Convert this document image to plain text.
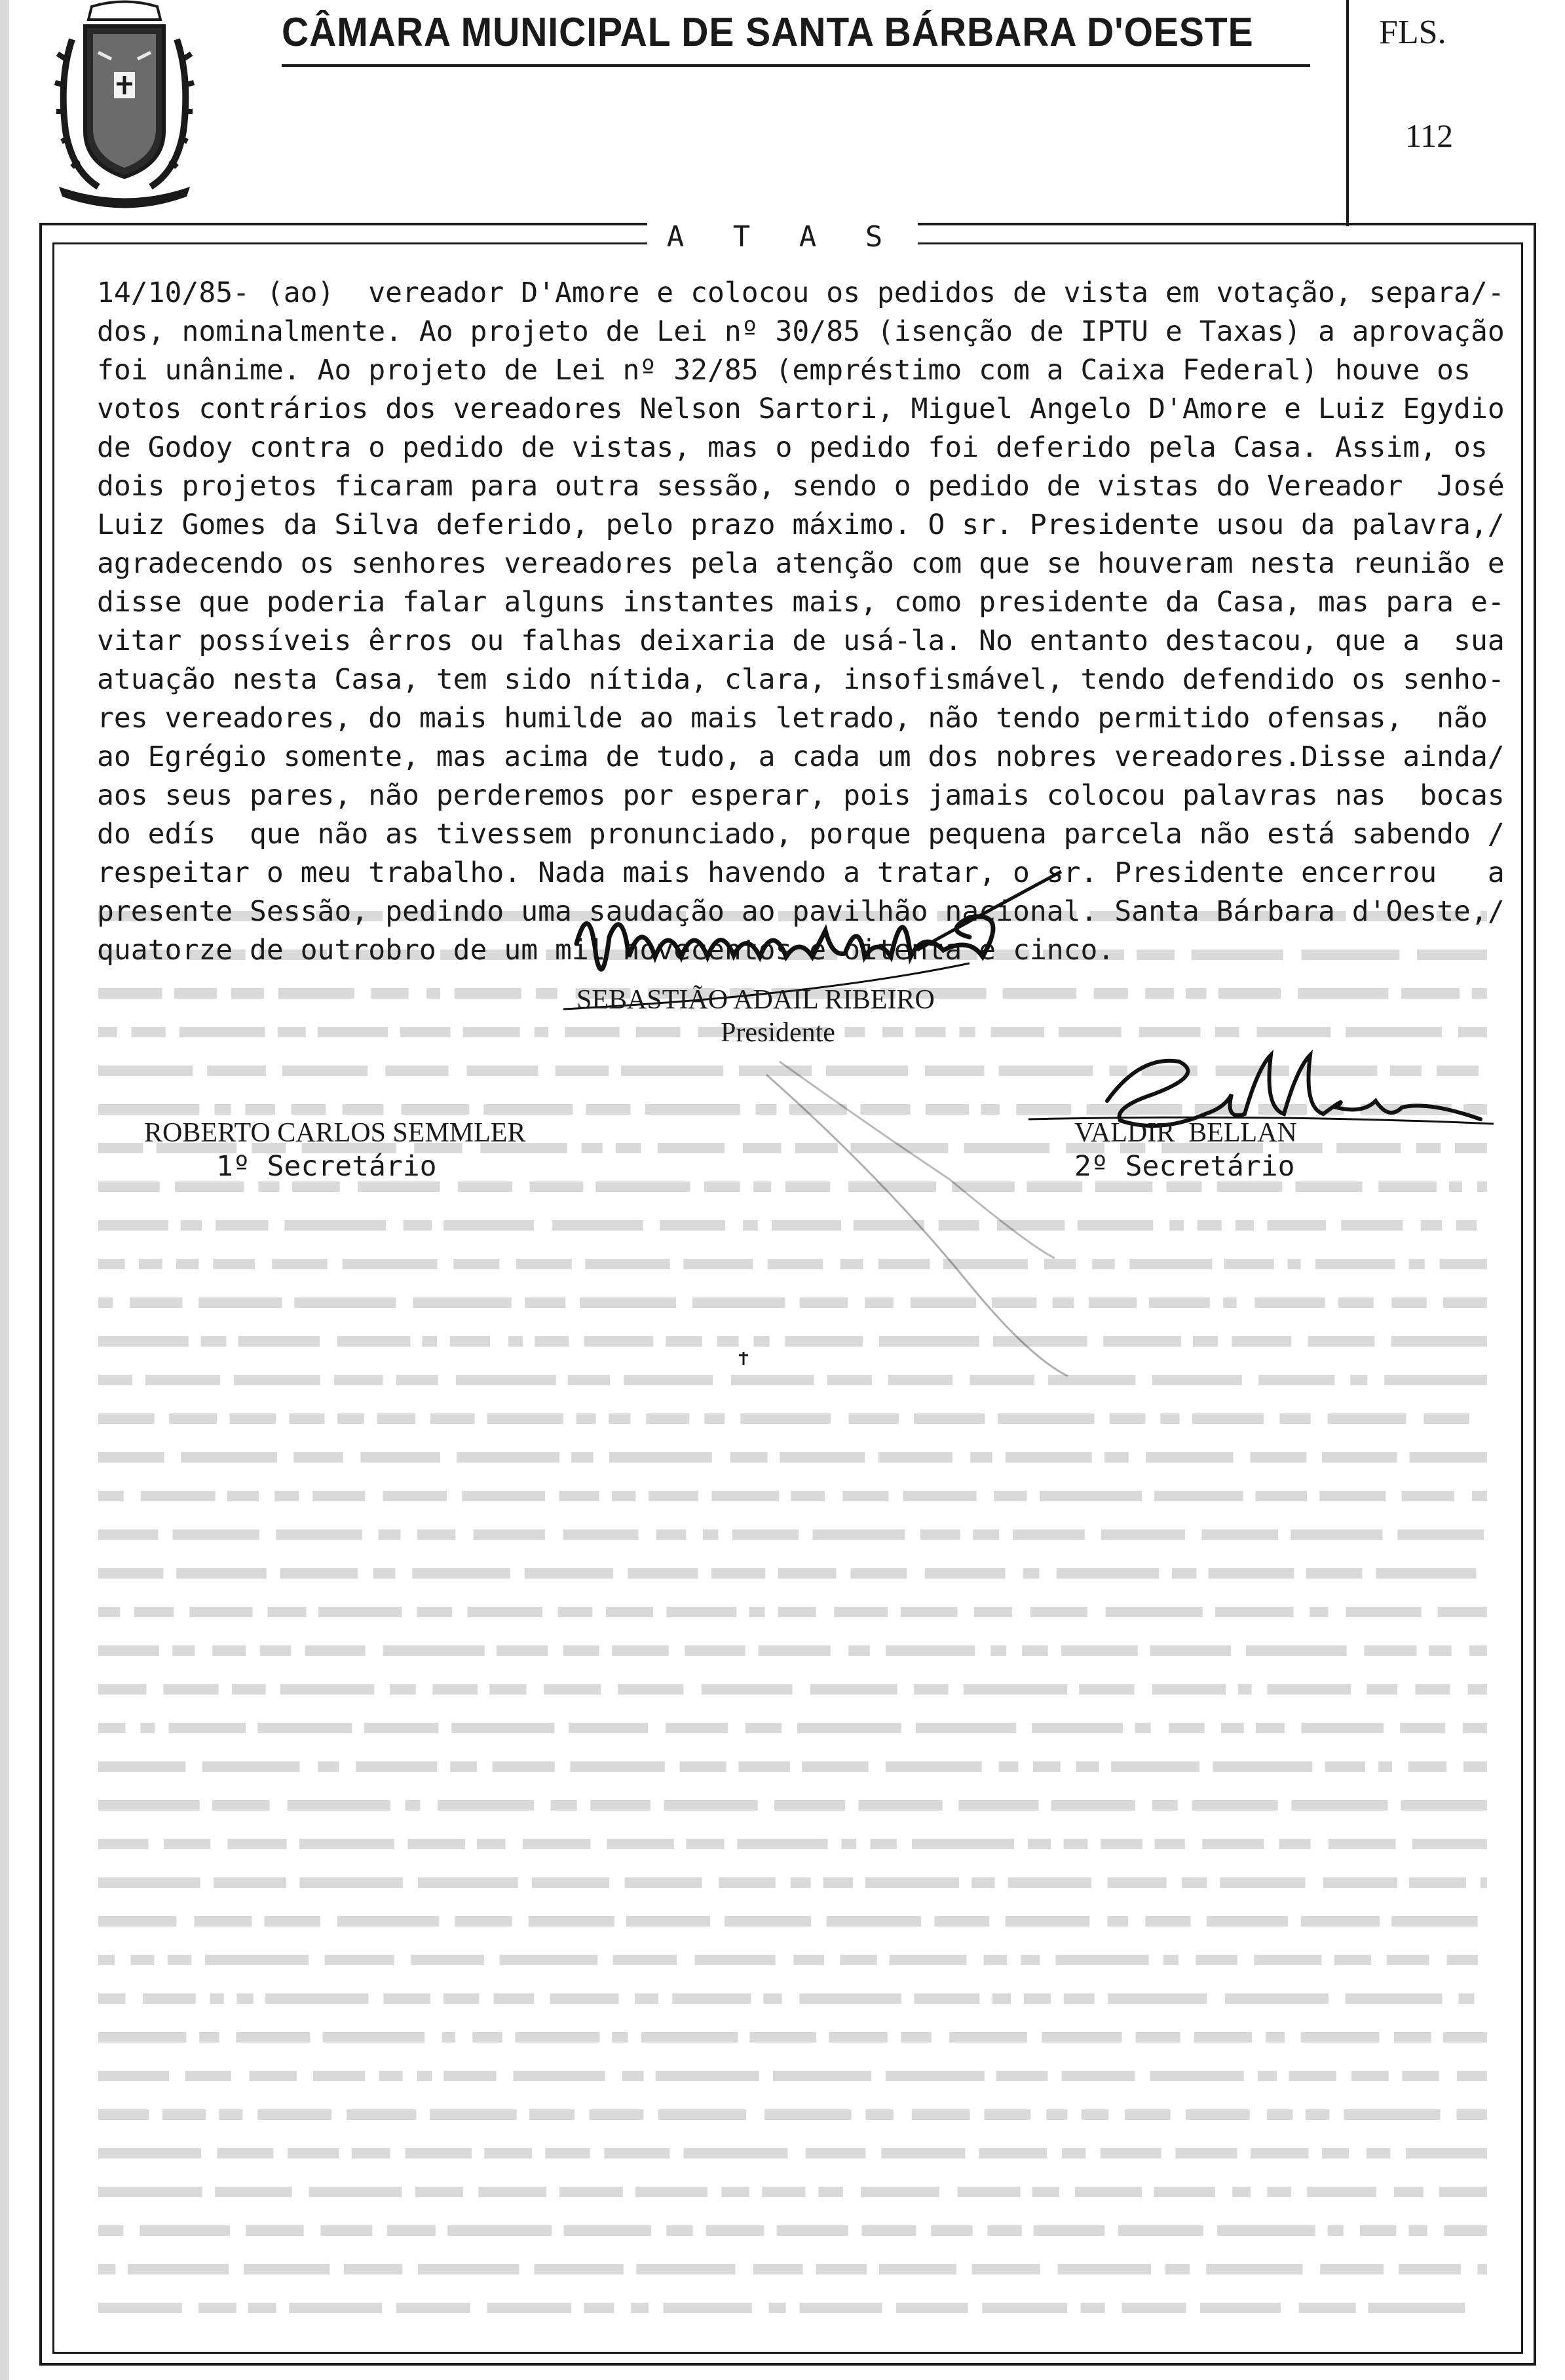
CÂMARA MUNICIPAL DE SANTA BÁRBARA D'OESTE	FLS.
112
A T A S
14/10/85- (ao)  vereador D'Amore e colocou os pedidos de vista em votação, separa/-
dos, nominalmente. Ao projeto de Lei nº 30/85 (isenção de IPTU e Taxas) a aprovação
foi unânime. Ao projeto de Lei nº 32/85 (empréstimo com a Caixa Federal) houve os
votos contrários dos vereadores Nelson Sartori, Miguel Angelo D'Amore e Luiz Egydio
de Godoy contra o pedido de vistas, mas o pedido foi deferido pela Casa. Assim, os
dois projetos ficaram para outra sessão, sendo o pedido de vistas do Vereador  José
Luiz Gomes da Silva deferido, pelo prazo máximo. O sr. Presidente usou da palavra,/
agradecendo os senhores vereadores pela atenção com que se houveram nesta reunião e
disse que poderia falar alguns instantes mais, como presidente da Casa, mas para e-
vitar possíveis êrros ou falhas deixaria de usá-la. No entanto destacou, que a  sua
atuação nesta Casa, tem sido nítida, clara, insofismável, tendo defendido os senho-
res vereadores, do mais humilde ao mais letrado, não tendo permitido ofensas,  não
ao Egrégio somente, mas acima de tudo, a cada um dos nobres vereadores.Disse ainda/
aos seus pares, não perderemos por esperar, pois jamais colocou palavras nas  bocas
do edís  que não as tivessem pronunciado, porque pequena parcela não está sabendo /
respeitar o meu trabalho. Nada mais havendo a tratar, o sr. Presidente encerrou   a
presente Sessão, pedindo uma saudação ao pavilhão nacional. Santa Bárbara d'Oeste,/
quatorze de outrobro de um mil novecentos e oitenta e cinco.
SEBASTIÃO ADAIL RIBEIRO
Presidente
ROBERTO CARLOS SEMMLER
1º Secretário
VALDIR  BELLAN
2º Secretário
